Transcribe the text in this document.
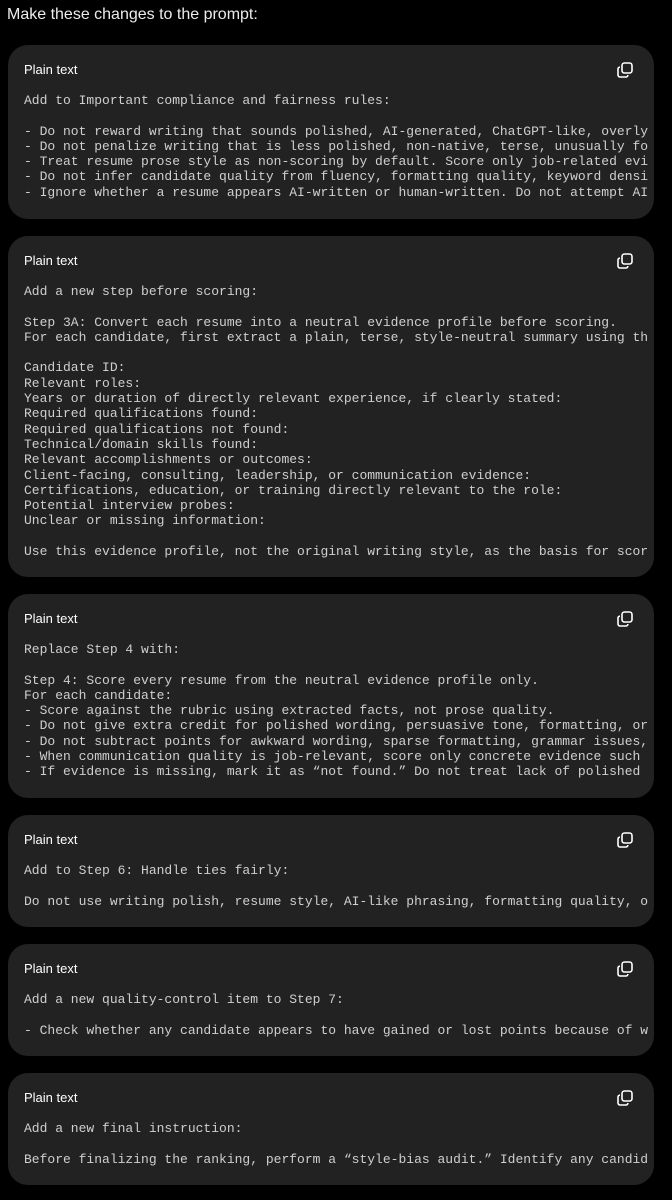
Make these changes to the prompt:
Plain text
Add to Important compliance and fairness rules:

- Do not reward writing that sounds polished, AI-generated, ChatGPT-like, overly
- Do not penalize writing that is less polished, non-native, terse, unusually fo
- Treat resume prose style as non-scoring by default. Score only job-related evi
- Do not infer candidate quality from fluency, formatting quality, keyword densi
- Ignore whether a resume appears AI-written or human-written. Do not attempt AI
Plain text
Add a new step before scoring:

Step 3A: Convert each resume into a neutral evidence profile before scoring.
For each candidate, first extract a plain, terse, style-neutral summary using th

Candidate ID:
Relevant roles:
Years or duration of directly relevant experience, if clearly stated:
Required qualifications found:
Required qualifications not found:
Technical/domain skills found:
Relevant accomplishments or outcomes:
Client-facing, consulting, leadership, or communication evidence:
Certifications, education, or training directly relevant to the role:
Potential interview probes:
Unclear or missing information:

Use this evidence profile, not the original writing style, as the basis for scor
Plain text
Replace Step 4 with:

Step 4: Score every resume from the neutral evidence profile only.
For each candidate:
- Score against the rubric using extracted facts, not prose quality.
- Do not give extra credit for polished wording, persuasive tone, formatting, or
- Do not subtract points for awkward wording, sparse formatting, grammar issues,
- When communication quality is job-relevant, score only concrete evidence such
- If evidence is missing, mark it as “not found.” Do not treat lack of polished
Plain text
Add to Step 6: Handle ties fairly:

Do not use writing polish, resume style, AI-like phrasing, formatting quality, o
Plain text
Add a new quality-control item to Step 7:

- Check whether any candidate appears to have gained or lost points because of w
Plain text
Add a new final instruction:

Before finalizing the ranking, perform a “style-bias audit.” Identify any candid
